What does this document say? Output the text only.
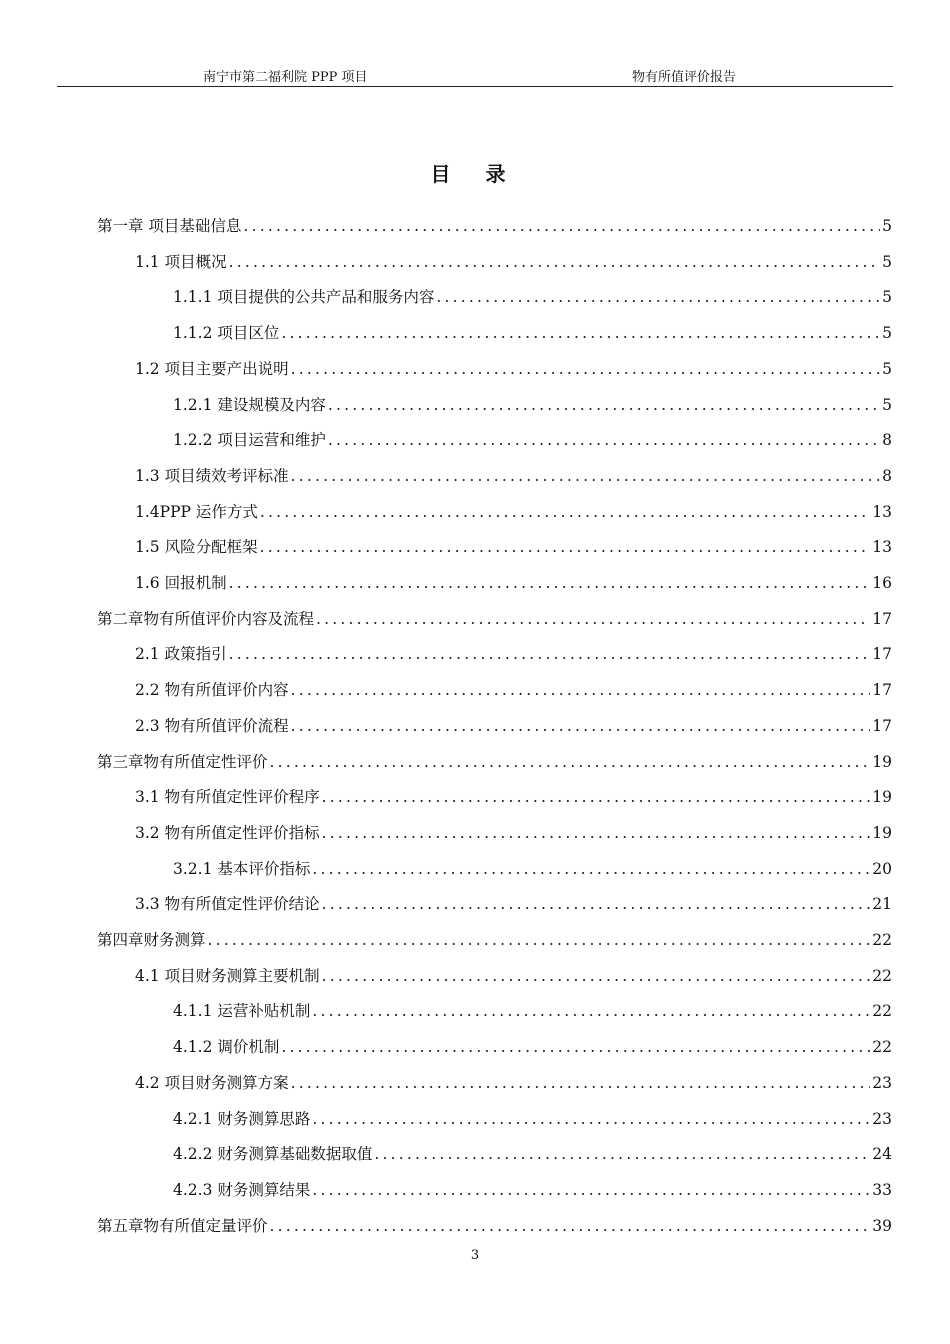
南宁市第二福利院 PPP 项目	物有所值评价报告
目 录
第一章 项目基础信息 .....	5
1.1 项目概况 .....	5
1.1.1 项目提供的公共产品和服务内容 .....	5
1.1.2 项目区位 .....	5
1.2 项目主要产出说明 .....	5
1.2.1 建设规模及内容 .....	5
1.2.2 项目运营和维护 .....	8
1.3 项目绩效考评标准 .....	8
1.4PPP 运作方式 .....	13
1.5 风险分配框架 .....	13
1.6 回报机制 .....	16
第二章物有所值评价内容及流程 .....	17
2.1 政策指引 .....	17
2.2 物有所值评价内容 .....	17
2.3 物有所值评价流程 .....	17
第三章物有所值定性评价 .....	19
3.1 物有所值定性评价程序 .....	19
3.2 物有所值定性评价指标 .....	19
3.2.1 基本评价指标 .....	20
3.3 物有所值定性评价结论 .....	21
第四章财务测算 .....	22
4.1 项目财务测算主要机制 .....	22
4.1.1 运营补贴机制 .....	22
4.1.2 调价机制 .....	22
4.2 项目财务测算方案 .....	23
4.2.1 财务测算思路 .....	23
4.2.2 财务测算基础数据取值 .....	24
4.2.3 财务测算结果 .....	33
第五章物有所值定量评价 .....	39
3
